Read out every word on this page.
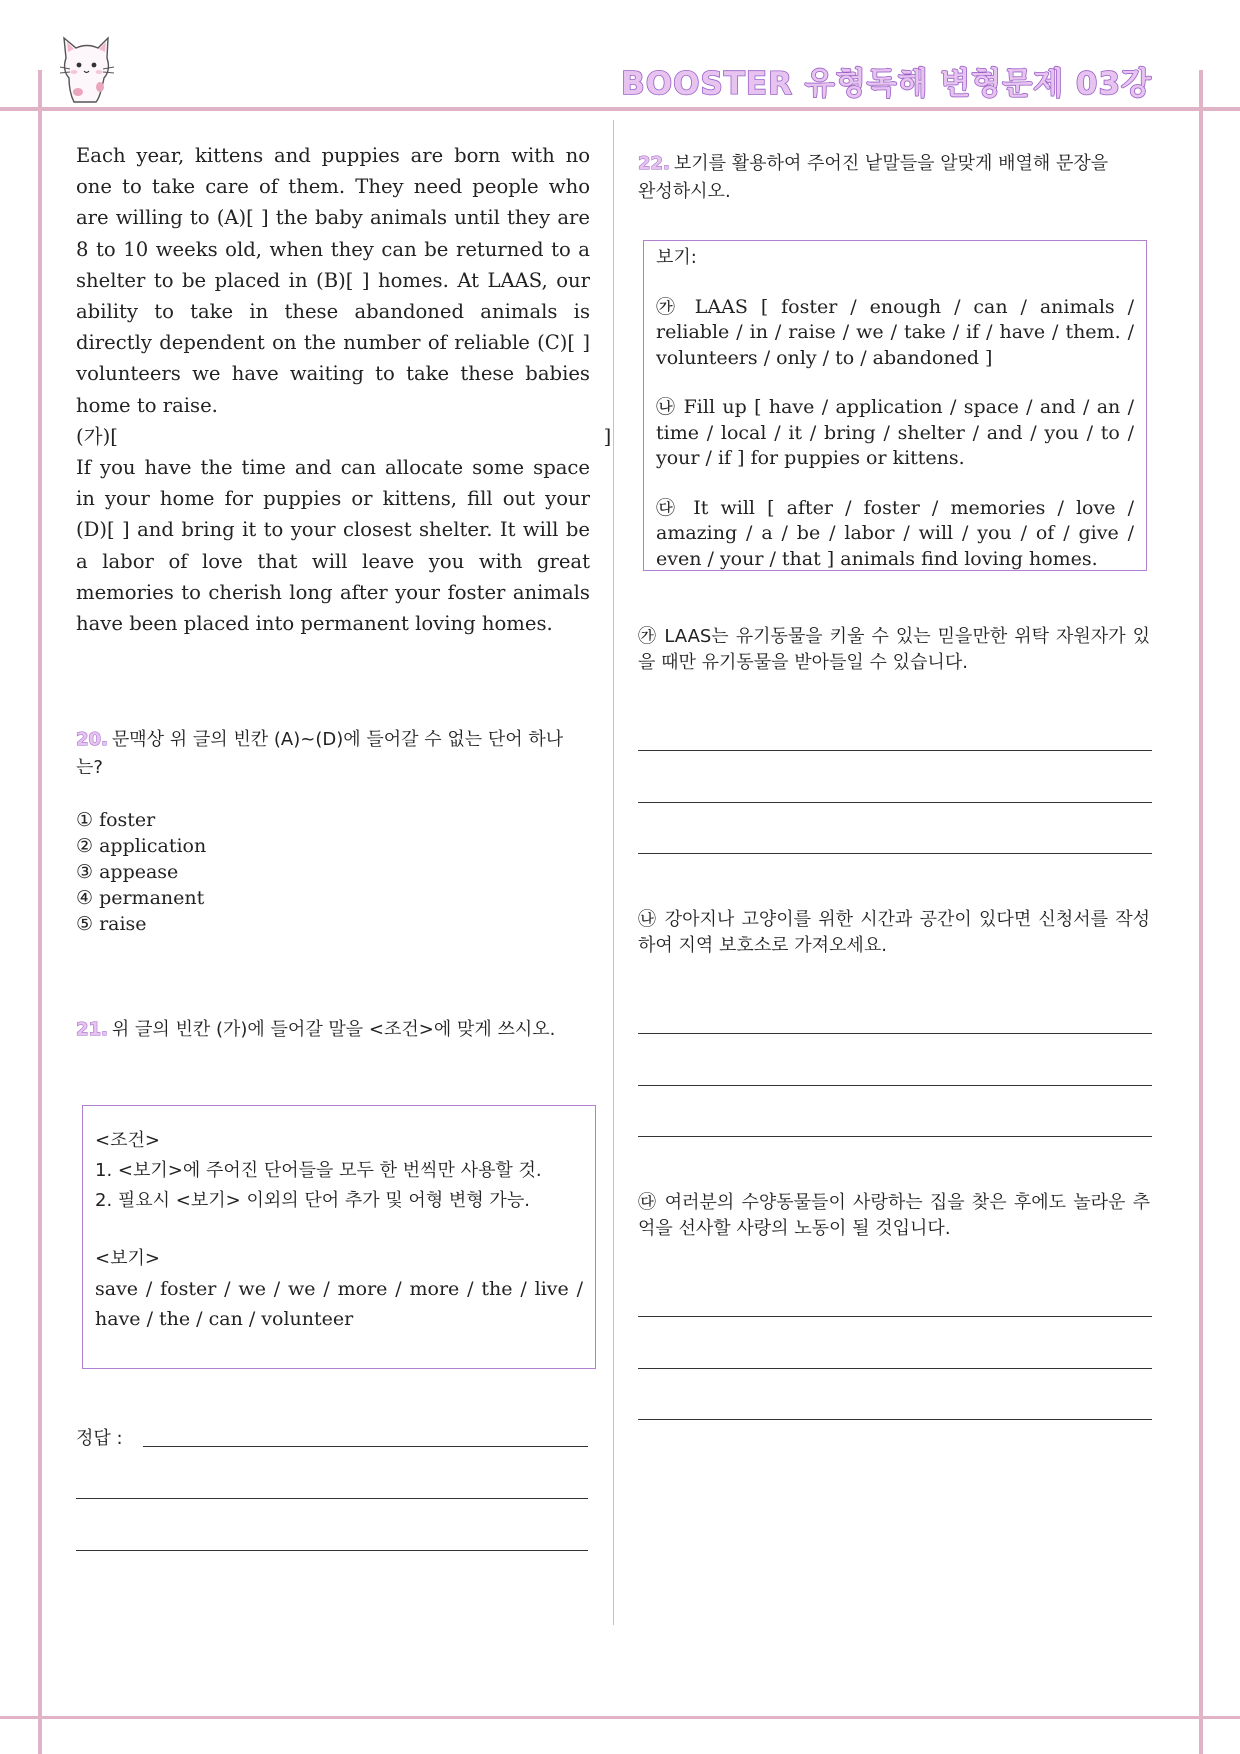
BOOSTER 유형독해 변형문제 03강

Each year, kittens and puppies are born with no one to take care of them. They need people who are willing to (A)[ ] the baby animals until they are 8 to 10 weeks old, when they can be returned to a shelter to be placed in (B)[ ] homes. At LAAS, our ability to take in these abandoned animals is directly dependent on the number of reliable (C)[ ] volunteers we have waiting to take these babies home to raise.

(가)[                                                                              ]

If you have the time and can allocate some space in your home for puppies or kittens, fill out your (D)[ ] and bring it to your closest shelter. It will be a labor of love that will leave you with great memories to cherish long after your foster animals have been placed into permanent loving homes.

20. 문맥상 위 글의 빈칸 (A)~(D)에 들어갈 수 없는 단어 하나는?
① foster
② application
③ appease
④ permanent
⑤ raise
21. 위 글의 빈칸 (가)에 들어갈 말을 <조건>에 맞게 쓰시오.
<조건>
1. <보기>에 주어진 단어들을 모두 한 번씩만 사용할 것.
2. 필요시 <보기> 이외의 단어 추가 및 어형 변형 가능.
<보기>
save / foster / we / we / more / more / the / live / have / the / can / volunteer
정답 :
22. 보기를 활용하여 주어진 낱말들을 알맞게 배열해 문장을 완성하시오.
보기:
㉮ LAAS [ foster / enough / can / animals / reliable / in / raise / we / take / if / have / them. / volunteers / only / to / abandoned ]
㉯ Fill up [ have / application / space / and / an / time / local / it / bring / shelter / and / you / to / your / if ] for puppies or kittens.
㉰ It will [ after / foster / memories / love / amazing / a / be / labor / will / you / of / give / even / your / that ] animals find loving homes.
㉮ LAAS는 유기동물을 키울 수 있는 믿을만한 위탁 자원자가 있을 때만 유기동물을 받아들일 수 있습니다.
㉯ 강아지나 고양이를 위한 시간과 공간이 있다면 신청서를 작성하여 지역 보호소로 가져오세요.
㉰ 여러분의 수양동물들이 사랑하는 집을 찾은 후에도 놀라운 추억을 선사할 사랑의 노동이 될 것입니다.
